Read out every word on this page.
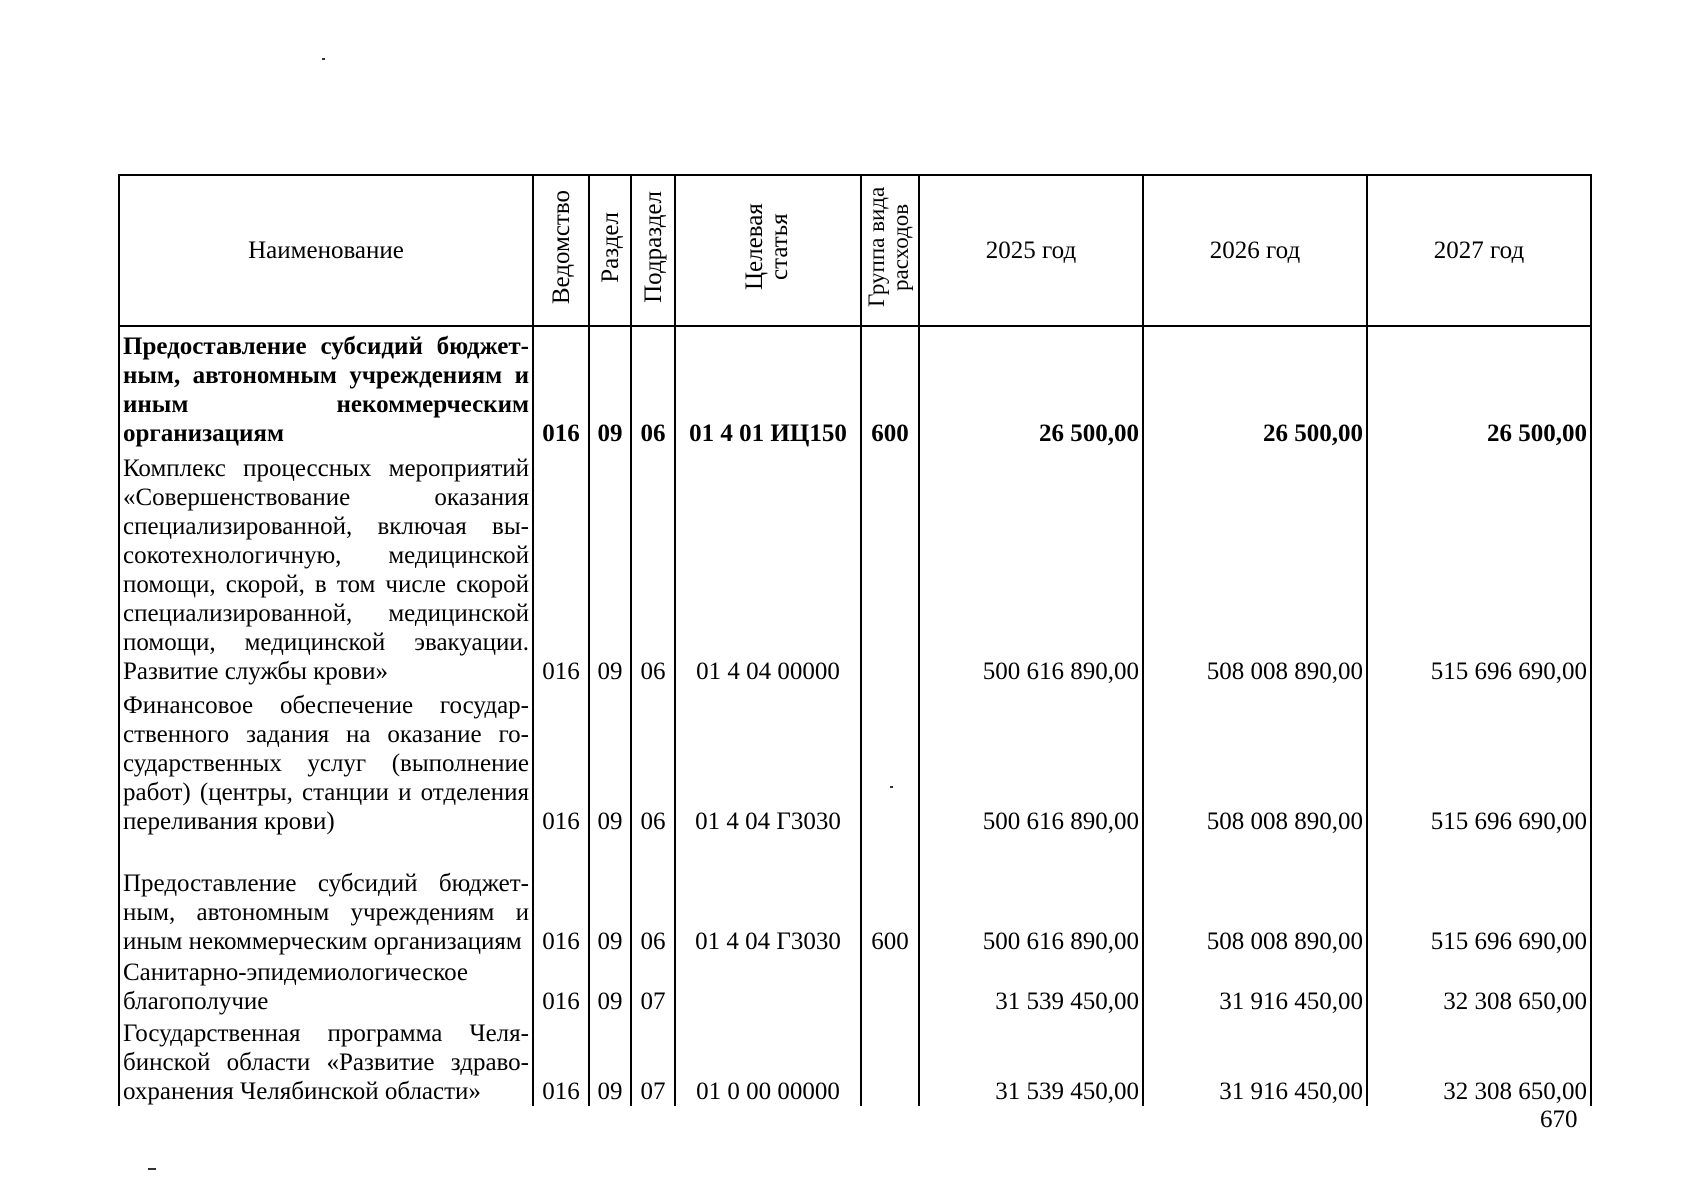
Наименование	Ведомство	Раздел	Подраздел	Целевая статья	Группа вида расходов	2025 год	2026 год	2027 год
Предоставление субсидий бюджетным, автономным учреждениям и иным некоммерческим организациям	016	09	06	01 4 01 ИЦ150	600	26 500,00	26 500,00	26 500,00
Комплекс процессных мероприятий «Совершенствование оказания специализированной, включая высокотехнологичную, медицинской помощи, скорой, в том числе скорой специализированной, медицинской помощи, медицинской эвакуации. Развитие службы крови»	016	09	06	01 4 04 00000		500 616 890,00	508 008 890,00	515 696 690,00
Финансовое обеспечение государственного задания на оказание государственных услуг (выполнение работ) (центры, станции и отделения переливания крови)	016	09	06	01 4 04 Г3030		500 616 890,00	508 008 890,00	515 696 690,00
Предоставление субсидий бюджетным, автономным учреждениям и иным некоммерческим организациям	016	09	06	01 4 04 Г3030	600	500 616 890,00	508 008 890,00	515 696 690,00
Санитарно-эпидемиологическое благополучие	016	09	07			31 539 450,00	31 916 450,00	32 308 650,00
Государственная программа Челябинской области «Развитие здравоохранения Челябинской области»	016	09	07	01 0 00 00000		31 539 450,00	31 916 450,00	32 308 650,00
670
